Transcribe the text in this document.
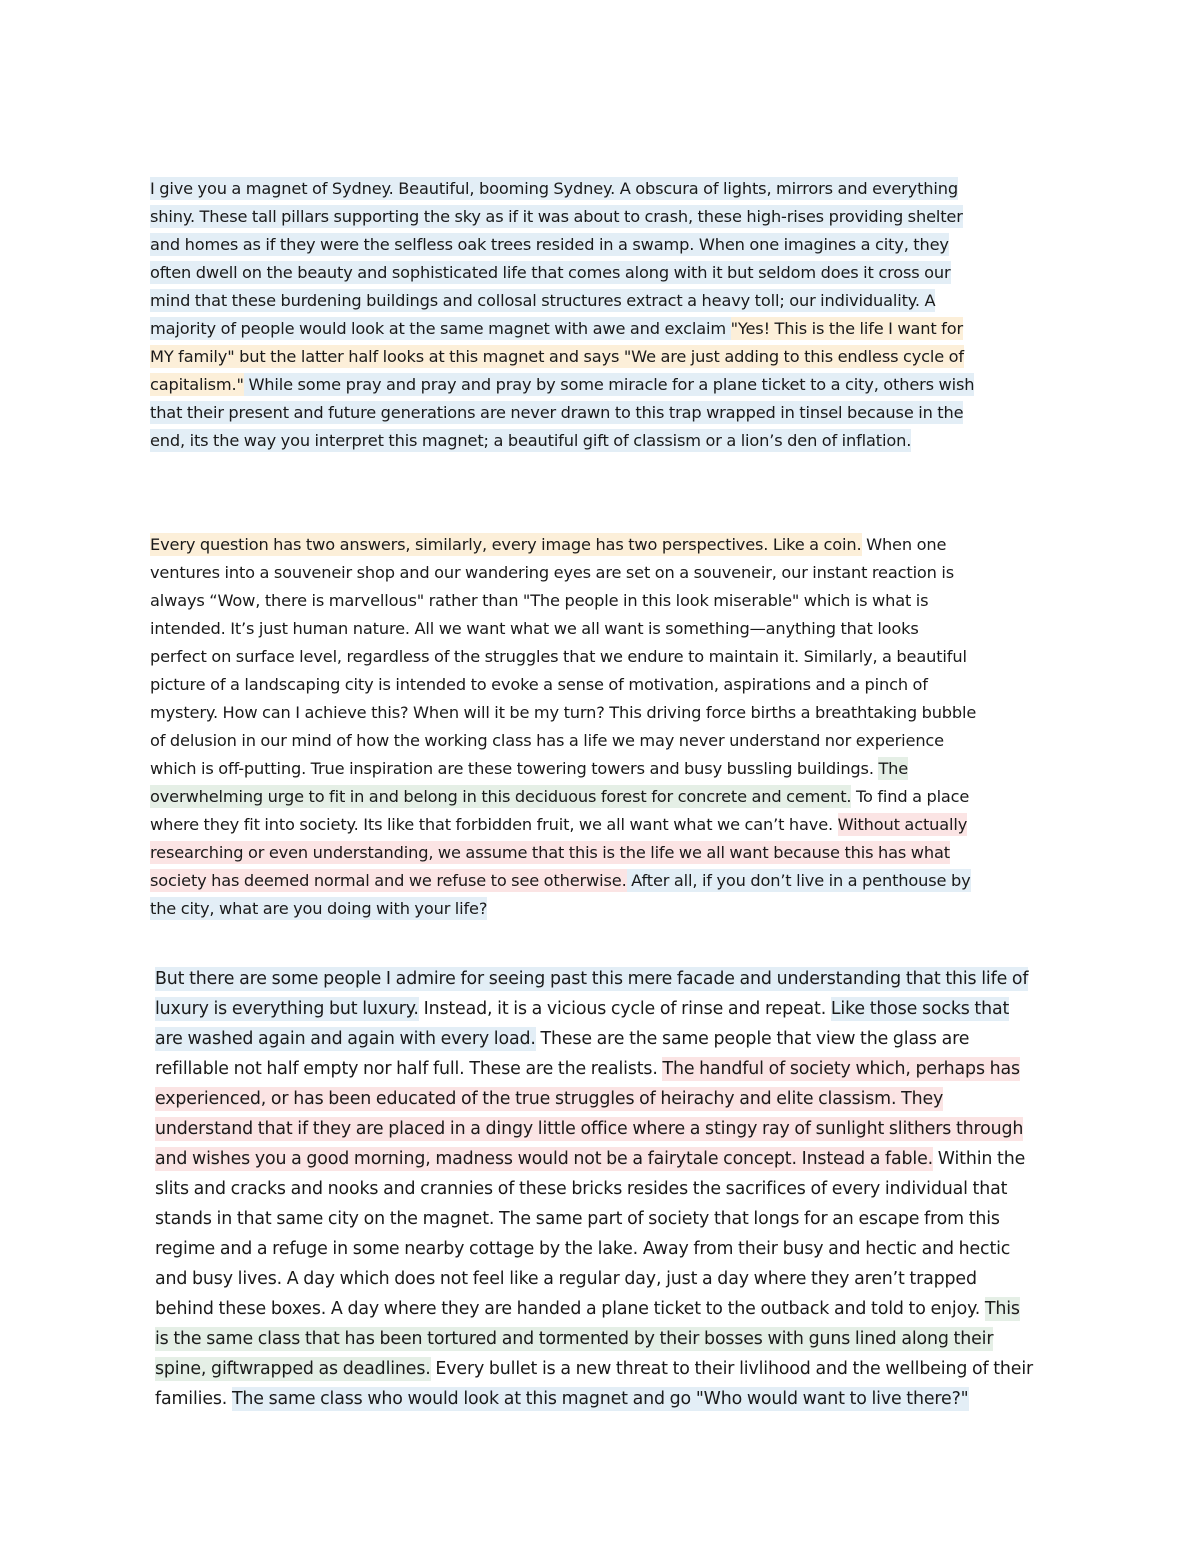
I give you a magnet of Sydney. Beautiful, booming Sydney. A obscura of lights, mirrors and everything shiny. These tall pillars supporting the sky as if it was about to crash, these high-rises providing shelter and homes as if they were the selfless oak trees resided in a swamp. When one imagines a city, they often dwell on the beauty and sophisticated life that comes along with it but seldom does it cross our mind that these burdening buildings and collosal structures extract a heavy toll; our individuality. A majority of people would look at the same magnet with awe and exclaim "Yes! This is the life I want for MY family" but the latter half looks at this magnet and says "We are just adding to this endless cycle of capitalism." While some pray and pray and pray by some miracle for a plane ticket to a city, others wish that their present and future generations are never drawn to this trap wrapped in tinsel because in the end, its the way you interpret this magnet; a beautiful gift of classism or a lion’s den of inflation.

Every question has two answers, similarly, every image has two perspectives. Like a coin. When one ventures into a souveneir shop and our wandering eyes are set on a souveneir, our instant reaction is always “Wow, there is marvellous" rather than "The people in this look miserable" which is what is intended. It’s just human nature. All we want what we all want is something—anything that looks perfect on surface level, regardless of the struggles that we endure to maintain it. Similarly, a beautiful picture of a landscaping city is intended to evoke a sense of motivation, aspirations and a pinch of mystery. How can I achieve this? When will it be my turn? This driving force births a breathtaking bubble of delusion in our mind of how the working class has a life we may never understand nor experience which is off-putting. True inspiration are these towering towers and busy bussling buildings. The overwhelming urge to fit in and belong in this deciduous forest for concrete and cement. To find a place where they fit into society. Its like that forbidden fruit, we all want what we can’t have. Without actually researching or even understanding, we assume that this is the life we all want because this has what society has deemed normal and we refuse to see otherwise. After all, if you don’t live in a penthouse by the city, what are you doing with your life?

But there are some people I admire for seeing past this mere facade and understanding that this life of luxury is everything but luxury. Instead, it is a vicious cycle of rinse and repeat. Like those socks that are washed again and again with every load. These are the same people that view the glass are refillable not half empty nor half full. These are the realists. The handful of society which, perhaps has experienced, or has been educated of the true struggles of heirachy and elite classism. They understand that if they are placed in a dingy little office where a stingy ray of sunlight slithers through and wishes you a good morning, madness would not be a fairytale concept. Instead a fable. Within the slits and cracks and nooks and crannies of these bricks resides the sacrifices of every individual that stands in that same city on the magnet. The same part of society that longs for an escape from this regime and a refuge in some nearby cottage by the lake. Away from their busy and hectic and hectic and busy lives. A day which does not feel like a regular day, just a day where they aren’t trapped behind these boxes. A day where they are handed a plane ticket to the outback and told to enjoy. This is the same class that has been tortured and tormented by their bosses with guns lined along their spine, giftwrapped as deadlines. Every bullet is a new threat to their livlihood and the wellbeing of their families. The same class who would look at this magnet and go "Who would want to live there?"
